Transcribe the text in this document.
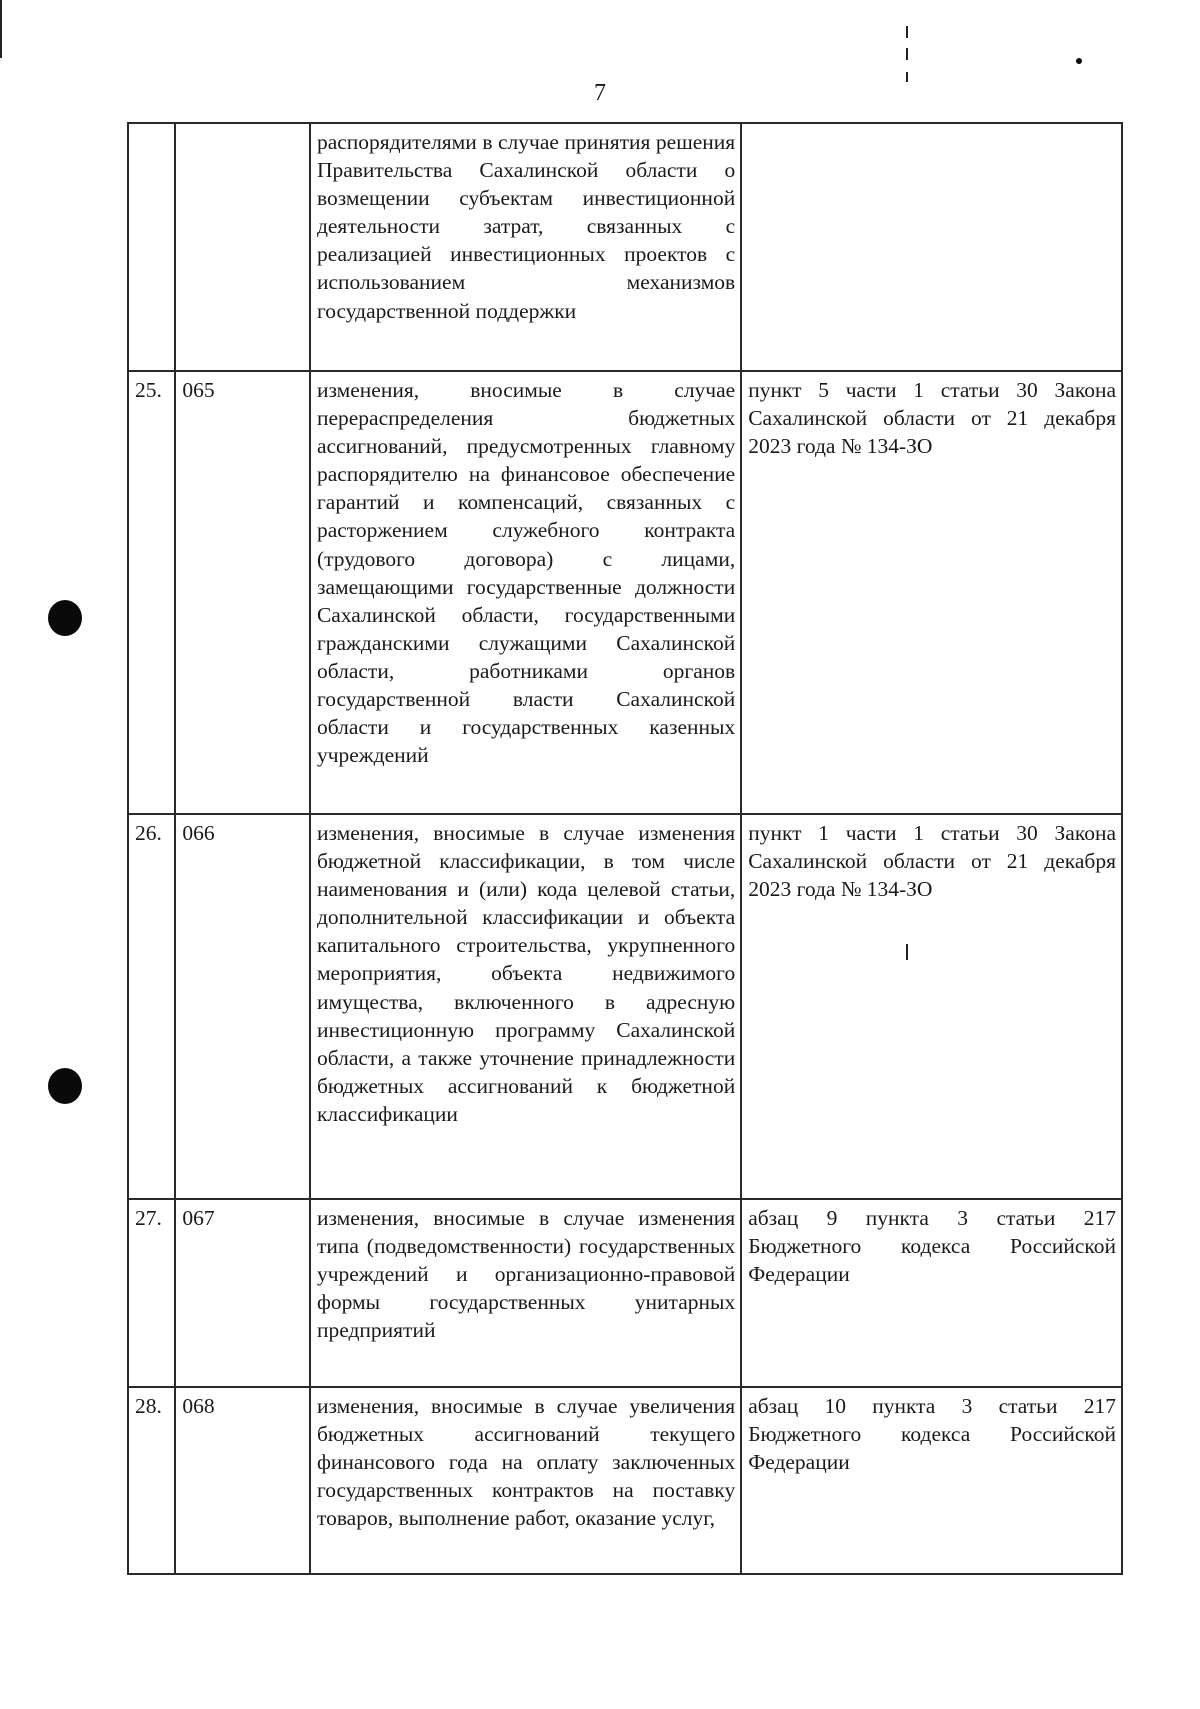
7
		распорядителями в случае принятия решения Правительства Сахалинской области о возмещении субъектам инвестиционной деятельности затрат, связанных с реализацией инвестиционных проектов с использованием механизмов государственной поддержки	
25.	065	изменения, вносимые в случае перераспределения бюджетных ассигнований, предусмотренных главному распорядителю на финансовое обеспечение гарантий и компенсаций, связанных с расторжением служебного контракта (трудового договора) с лицами, замещающими государственные должности Сахалинской области, государственными гражданскими служащими Сахалинской области, работниками органов государственной власти Сахалинской области и государственных казенных учреждений	пункт 5 части 1 статьи 30 Закона Сахалинской области от 21 декабря 2023 года № 134-ЗО
26.	066	изменения, вносимые в случае изменения бюджетной классификации, в том числе наименования и (или) кода целевой статьи, дополнительной классификации и объекта капитального строительства, укрупненного мероприятия, объекта недвижимого имущества, включенного в адресную инвестиционную программу Сахалинской области, а также уточнение принадлежности бюджетных ассигнований к бюджетной классификации	пункт 1 части 1 статьи 30 Закона Сахалинской области от 21 декабря 2023 года № 134-ЗО
27.	067	изменения, вносимые в случае изменения типа (подведомственности) государственных учреждений и организационно-правовой формы государственных унитарных предприятий	абзац 9 пункта 3 статьи 217 Бюджетного кодекса Российской Федерации
28.	068	изменения, вносимые в случае увеличения бюджетных ассигнований текущего финансового года на оплату заключенных государственных контрактов на поставку товаров, выполнение работ, оказание услуг,	абзац 10 пункта 3 статьи 217 Бюджетного кодекса Российской Федерации
